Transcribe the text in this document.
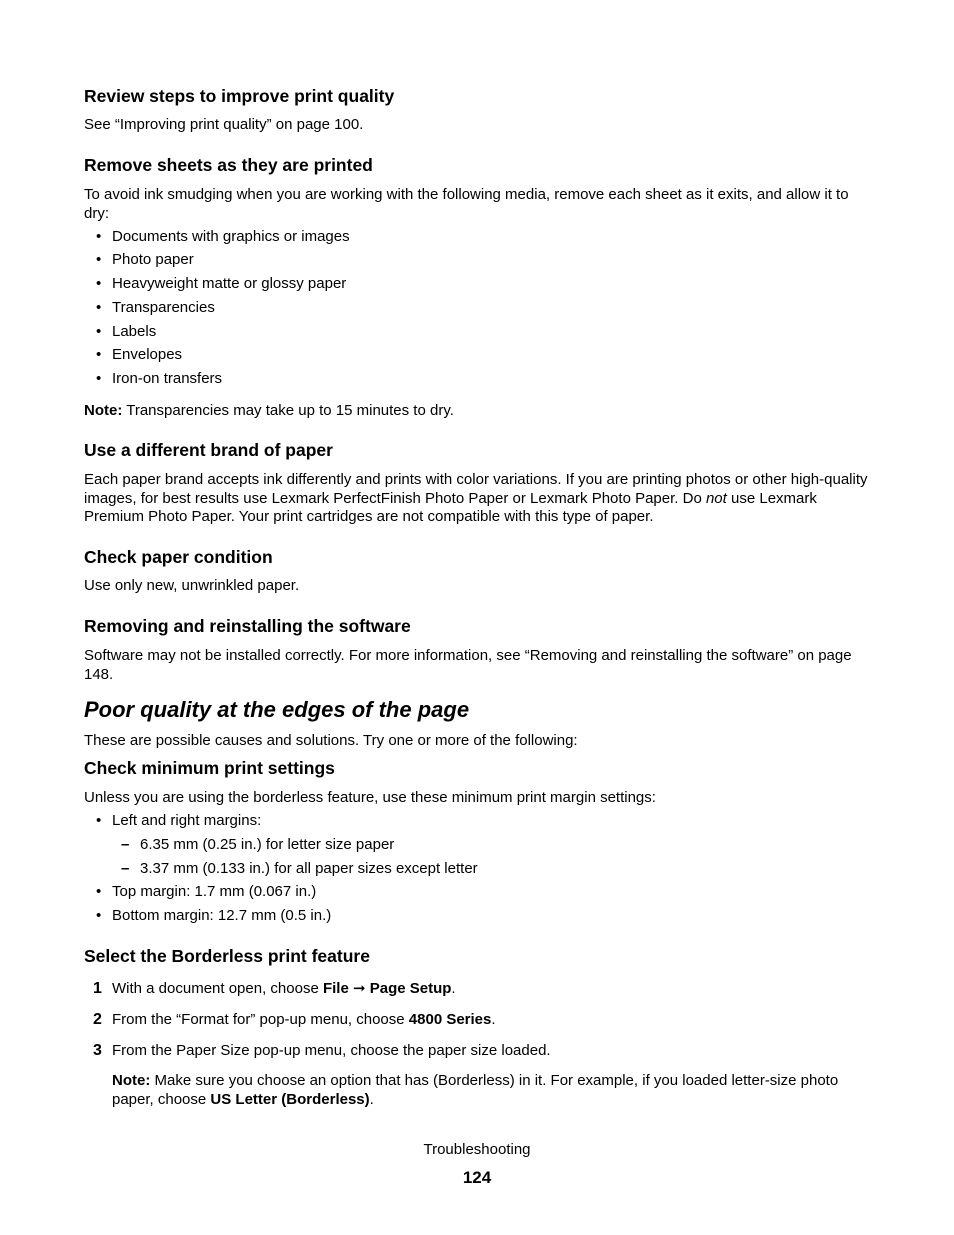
Review steps to improve print quality
See “Improving print quality” on page 100.
Remove sheets as they are printed
To avoid ink smudging when you are working with the following media, remove each sheet as it exits, and allow it to dry:
• Documents with graphics or images
• Photo paper
• Heavyweight matte or glossy paper
• Transparencies
• Labels
• Envelopes
• Iron-on transfers
Note: Transparencies may take up to 15 minutes to dry.
Use a different brand of paper
Each paper brand accepts ink differently and prints with color variations. If you are printing photos or other high-quality images, for best results use Lexmark PerfectFinish Photo Paper or Lexmark Photo Paper. Do not use Lexmark Premium Photo Paper. Your print cartridges are not compatible with this type of paper.
Check paper condition
Use only new, unwrinkled paper.
Removing and reinstalling the software
Software may not be installed correctly. For more information, see “Removing and reinstalling the software” on page 148.
Poor quality at the edges of the page
These are possible causes and solutions. Try one or more of the following:
Check minimum print settings
Unless you are using the borderless feature, use these minimum print margin settings:
• Left and right margins:
– 6.35 mm (0.25 in.) for letter size paper
– 3.37 mm (0.133 in.) for all paper sizes except letter
• Top margin: 1.7 mm (0.067 in.)
• Bottom margin: 12.7 mm (0.5 in.)
Select the Borderless print feature
1 With a document open, choose File ➞ Page Setup.
2 From the “Format for” pop-up menu, choose 4800 Series.
3 From the Paper Size pop-up menu, choose the paper size loaded.
Note: Make sure you choose an option that has (Borderless) in it. For example, if you loaded letter-size photo paper, choose US Letter (Borderless).
Troubleshooting
124
